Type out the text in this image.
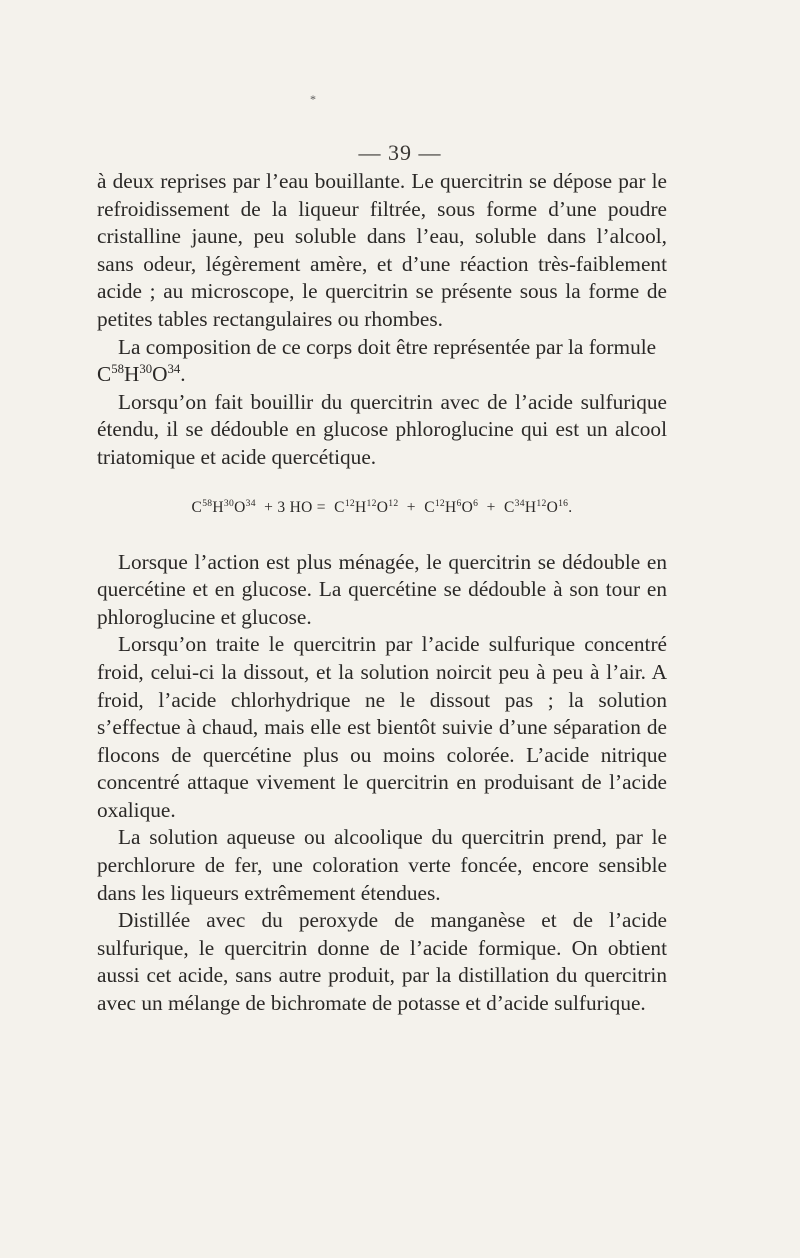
*
— 39 —

à deux reprises par l’eau bouillante. Le quercitrin se dépose par le refroidissement de la liqueur filtrée, sous forme d’une poudre cristalline jaune, peu soluble dans l’eau, soluble dans l’alcool, sans odeur, légèrement amère, et d’une réaction très-faiblement acide ; au microscope, le quercitrin se présente sous la forme de petites tables rectangulaires ou rhombes.

La composition de ce corps doit être représentée par la formule
$C^{58}H^{30}O^{34}$.

Lorsqu’on fait bouillir du quercitrin avec de l’acide sulfurique étendu, il se dédouble en glucose phloroglucine qui est un alcool triatomique et acide quercétique.

$C^{58}H^{30}O^{34} + 3$ HO = $C^{12}H^{12}O^{12} + C^{12}H^6O^6 + C^{34}H^{12}O^{16}$.

Lorsque l’action est plus ménagée, le quercitrin se dédouble en quercétine et en glucose. La quercétine se dédouble à son tour en phloroglucine et glucose.

Lorsqu’on traite le quercitrin par l’acide sulfurique concentré froid, celui-ci la dissout, et la solution noircit peu à peu à l’air. A froid, l’acide chlorhydrique ne le dissout pas ; la solution s’effectue à chaud, mais elle est bientôt suivie d’une séparation de flocons de quercétine plus ou moins colorée. L’acide nitrique concentré attaque vivement le quercitrin en produisant de l’acide oxalique.

La solution aqueuse ou alcoolique du quercitrin prend, par le perchlorure de fer, une coloration verte foncée, encore sensible dans les liqueurs extrêmement étendues.

Distillée avec du peroxyde de manganèse et de l’acide sulfurique, le quercitrin donne de l’acide formique. On obtient aussi cet acide, sans autre produit, par la distillation du quercitrin avec un mélange de bichromate de potasse et d’acide sulfurique.
